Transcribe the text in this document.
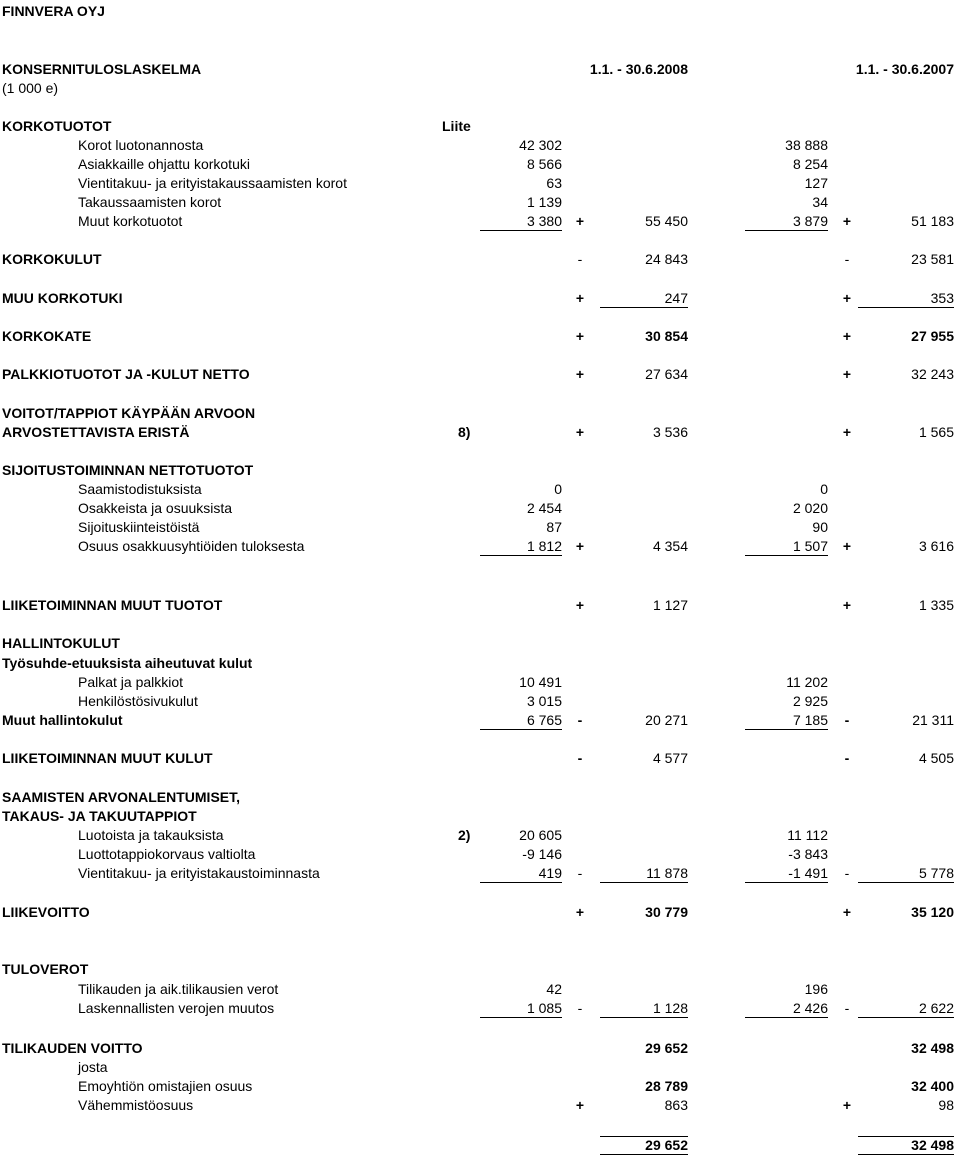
FINNVERA OYJ
KONSERNITULOSLASKELMA	1.1. - 30.6.2008	1.1. - 30.6.2007
(1 000 e)
Liite
KORKOTUOTOT
Korot luotonannosta	42 302	38 888
Asiakkaille ohjattu korkotuki	8 566	8 254
Vientitakuu- ja erityistakaussaamisten korot	63	127
Takaussaamisten korot	1 139	34
Muut korkotuotot	3 380 +	55 450	3 879	+	51 183
KORKOKULUT	-	24 843	-	23 581
MUU KORKOTUKI	+	247	+	353
KORKOKATE	+	30 854	+	27 955
PALKKIOTUOTOT JA -KULUT NETTO	+	27 634	+	32 243
VOITOT/TAPPIOT KÄYPÄÄN ARVOON
ARVOSTETTAVISTA ERISTÄ	8)	+	3 536	+	1 565
SIJOITUSTOIMINNAN NETTOTUOTOT
Saamistodistuksista	0	0
Osakkeista ja osuuksista	2 454	2 020
Sijoituskiinteistöistä	87	90
Osuus osakkuusyhtiöiden tuloksesta	1 812 +	4 354	1 507	+	3 616
LIIKETOIMINNAN MUUT TUOTOT	+	1 127	+	1 335
HALLINTOKULUT
Työsuhde-etuuksista aiheutuvat kulut
Palkat ja palkkiot	10 491	11 202
Henkilöstösivukulut	3 015	2 925
Muut hallintokulut	6 765	-	20 271	7 185	-	21 311
LIIKETOIMINNAN MUUT KULUT	-	4 577	-	4 505
SAAMISTEN ARVONALENTUMISET,
TAKAUS- JA TAKUUTAPPIOT
Luotoista ja takauksista	2)	20 605	11 112
Luottotappiokorvaus valtiolta	-9 146	-3 843
Vientitakuu- ja erityistakaustoiminnasta	419	-	11 878	-1 491	-	5 778
LIIKEVOITTO	+	30 779	+	35 120
TULOVEROT
Tilikauden ja aik.tilikausien verot	42	196
Laskennallisten verojen muutos	1 085	-	1 128	2 426	-	2 622
TILIKAUDEN VOITTO	29 652	32 498
josta
Emoyhtiön omistajien osuus	28 789	32 400
Vähemmistöosuus	+	863	+	98
29 652	32 498
